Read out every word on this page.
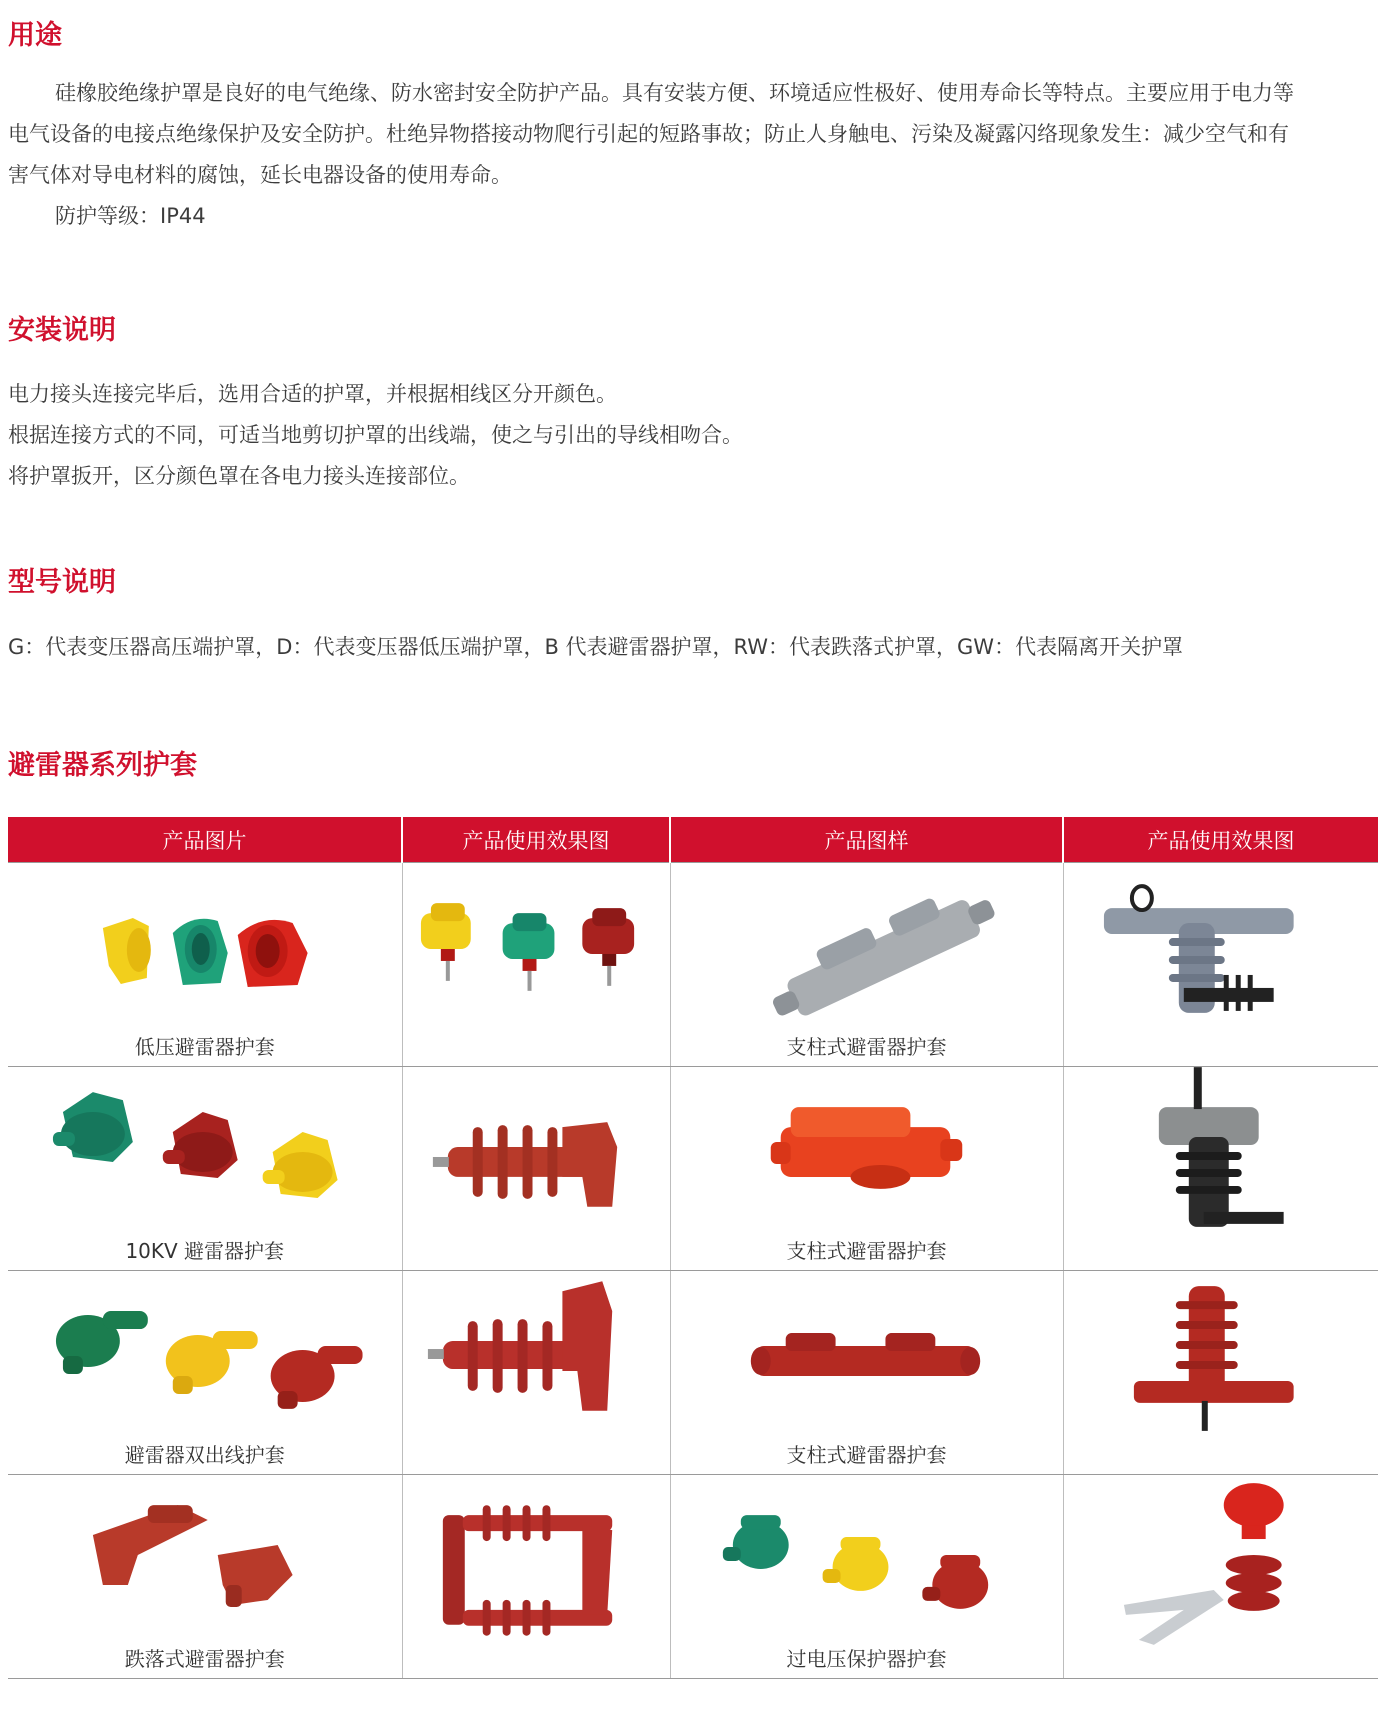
用途
硅橡胶绝缘护罩是良好的电气绝缘、防水密封安全防护产品。具有安装方便、环境适应性极好、使用寿命长等特点。主要应用于电力等
电气设备的电接点绝缘保护及安全防护。杜绝异物搭接动物爬行引起的短路事故；防止人身触电、污染及凝露闪络现象发生：减少空气和有
害气体对导电材料的腐蚀，延长电器设备的使用寿命。
防护等级：IP44
安装说明
电力接头连接完毕后，选用合适的护罩，并根据相线区分开颜色。
根据连接方式的不同，可适当地剪切护罩的出线端，使之与引出的导线相吻合。
将护罩扳开，区分颜色罩在各电力接头连接部位。
型号说明
G：代表变压器高压端护罩，D：代表变压器低压端护罩，B 代表避雷器护罩，RW：代表跌落式护罩，GW：代表隔离开关护罩
避雷器系列护套
产品图片	产品使用效果图	产品图样	产品使用效果图

低压避雷器护套		支柱式避雷器护套

10KV 避雷器护套		支柱式避雷器护套

避雷器双出线护套		支柱式避雷器护套

跌落式避雷器护套		过电压保护器护套
